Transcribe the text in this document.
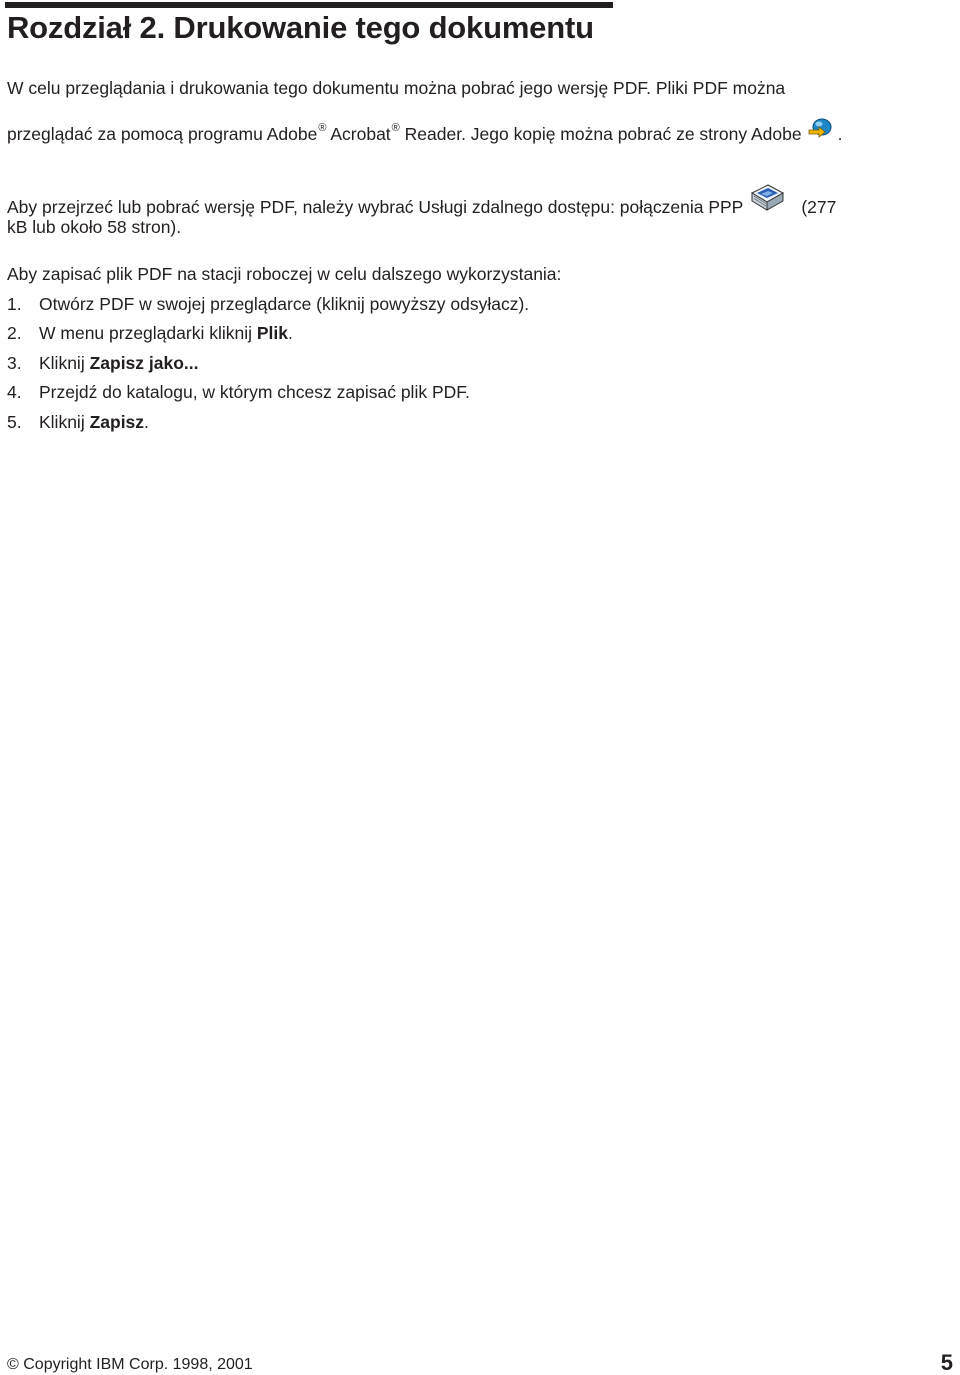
Rozdział 2. Drukowanie tego dokumentu

W celu przeglądania i drukowania tego dokumentu można pobrać jego wersję PDF. Pliki PDF można

przeglądać za pomocą programu Adobe® Acrobat® Reader. Jego kopię można pobrać ze strony Adobe .

Aby przejrzeć lub pobrać wersję PDF, należy wybrać Usługi zdalnego dostępu: połączenia PPP	(277

kB lub około 58 stron).

Aby zapisać plik PDF na stacji roboczej w celu dalszego wykorzystania:

1. Otwórz PDF w swojej przeglądarce (kliknij powyższy odsyłacz).

2. W menu przeglądarki kliknij Plik.

3. Kliknij Zapisz jako...

4. Przejdź do katalogu, w którym chcesz zapisać plik PDF.

5. Kliknij Zapisz.

© Copyright IBM Corp. 1998, 2001	5
